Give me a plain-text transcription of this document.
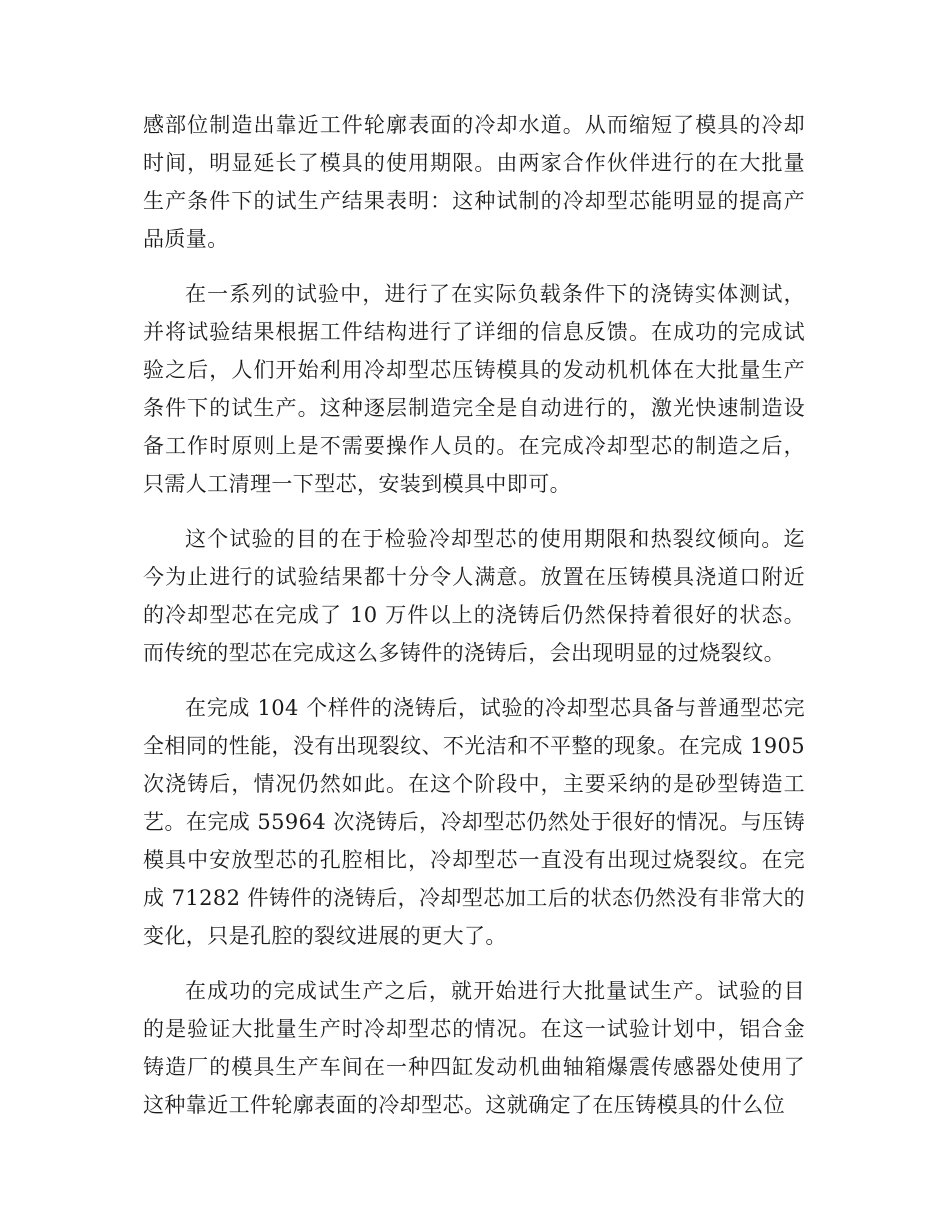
感部位制造出靠近工件轮廓表面的冷却水道。从而缩短了模具的冷却时间，明显延长了模具的使用期限。由两家合作伙伴进行的在大批量生产条件下的试生产结果表明：这种试制的冷却型芯能明显的提高产品质量。

在一系列的试验中，进行了在实际负载条件下的浇铸实体测试，并将试验结果根据工件结构进行了详细的信息反馈。在成功的完成试验之后，人们开始利用冷却型芯压铸模具的发动机机体在大批量生产条件下的试生产。这种逐层制造完全是自动进行的，激光快速制造设备工作时原则上是不需要操作人员的。在完成冷却型芯的制造之后，只需人工清理一下型芯，安装到模具中即可。

这个试验的目的在于检验冷却型芯的使用期限和热裂纹倾向。迄今为止进行的试验结果都十分令人满意。放置在压铸模具浇道口附近的冷却型芯在完成了 10 万件以上的浇铸后仍然保持着很好的状态。而传统的型芯在完成这么多铸件的浇铸后，会出现明显的过烧裂纹。

在完成 104 个样件的浇铸后，试验的冷却型芯具备与普通型芯完全相同的性能，没有出现裂纹、不光洁和不平整的现象。在完成 1905 次浇铸后，情况仍然如此。在这个阶段中，主要采纳的是砂型铸造工艺。在完成 55964 次浇铸后，冷却型芯仍然处于很好的情况。与压铸模具中安放型芯的孔腔相比，冷却型芯一直没有出现过烧裂纹。在完成 71282 件铸件的浇铸后，冷却型芯加工后的状态仍然没有非常大的变化，只是孔腔的裂纹进展的更大了。

在成功的完成试生产之后，就开始进行大批量试生产。试验的目的是验证大批量生产时冷却型芯的情况。在这一试验计划中，铝合金铸造厂的模具生产车间在一种四缸发动机曲轴箱爆震传感器处使用了这种靠近工件轮廓表面的冷却型芯。这就确定了在压铸模具的什么位
